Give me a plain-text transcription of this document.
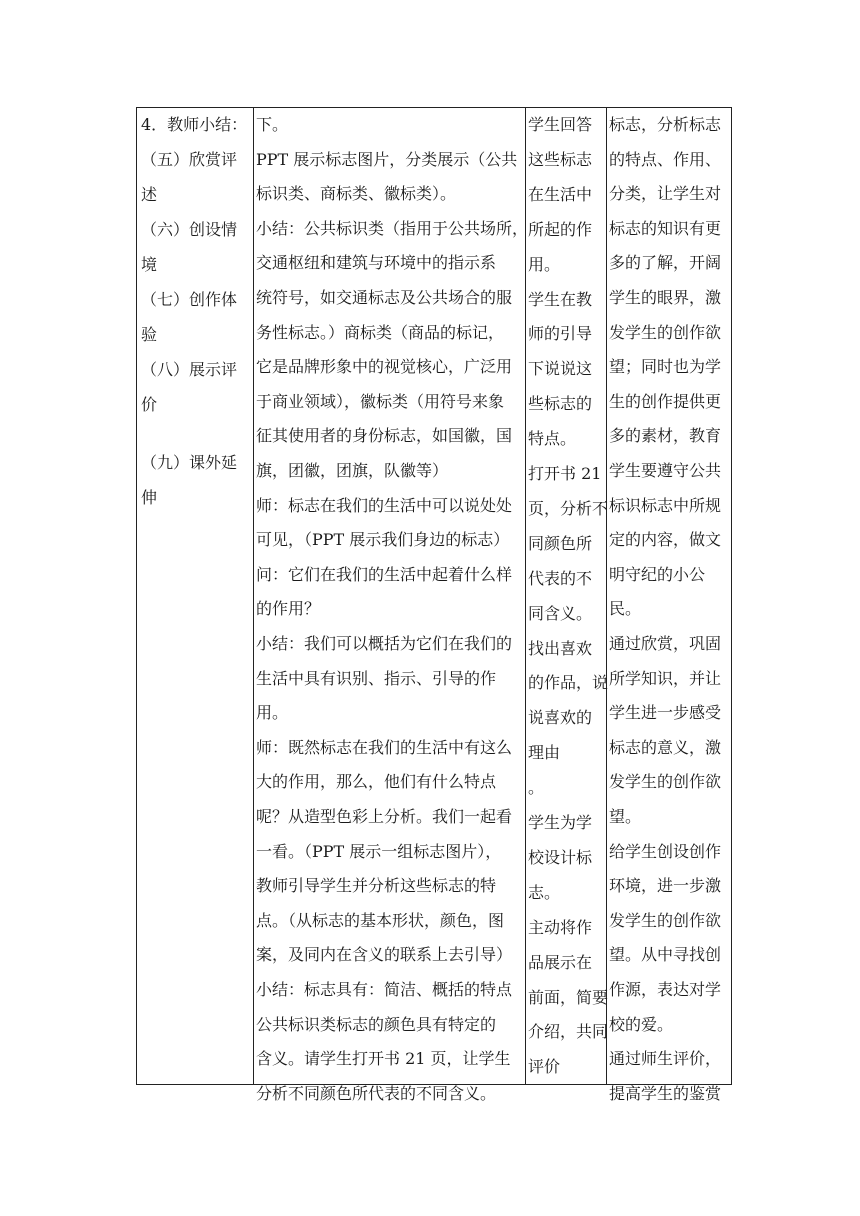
4．教师小结：
（五）欣赏评
述
（六）创设情
境
（七）创作体
验
（八）展示评
价
（九）课外延
伸
下。
PPT 展示标志图片，分类展示（公共
标识类、商标类、徽标类）。
小结：公共标识类（指用于公共场所，
交通枢纽和建筑与环境中的指示系
统符号，如交通标志及公共场合的服
务性标志。）商标类（商品的标记，
它是品牌形象中的视觉核心，广泛用
于商业领域），徽标类（用符号来象
征其使用者的身份标志，如国徽，国
旗，团徽，团旗，队徽等）
师：标志在我们的生活中可以说处处
可见，（PPT 展示我们身边的标志）
问：它们在我们的生活中起着什么样
的作用？
小结：我们可以概括为它们在我们的
生活中具有识别、指示、引导的作
用。
师：既然标志在我们的生活中有这么
大的作用，那么，他们有什么特点
呢？从造型色彩上分析。我们一起看
一看。（PPT 展示一组标志图片），
教师引导学生并分析这些标志的特
点。（从标志的基本形状，颜色，图
案，及同内在含义的联系上去引导）
小结：标志具有：简洁、概括的特点
公共标识类标志的颜色具有特定的
含义。请学生打开书 21 页，让学生
分析不同颜色所代表的不同含义。
学生回答
这些标志
在生活中
所起的作
用。
学生在教
师的引导
下说说这
些标志的
特点。
打开书 21
页，分析不
同颜色所
代表的不
同含义。
找出喜欢
的作品，说
说喜欢的
理由
。
学生为学
校设计标
志。
主动将作
品展示在
前面，简要
介绍，共同
评价
标志，分析标志
的特点、作用、
分类，让学生对
标志的知识有更
多的了解，开阔
学生的眼界，激
发学生的创作欲
望；同时也为学
生的创作提供更
多的素材，教育
学生要遵守公共
标识标志中所规
定的内容，做文
明守纪的小公
民。
通过欣赏，巩固
所学知识，并让
学生进一步感受
标志的意义，激
发学生的创作欲
望。
给学生创设创作
环境，进一步激
发学生的创作欲
望。从中寻找创
作源，表达对学
校的爱。
通过师生评价，
提高学生的鉴赏
